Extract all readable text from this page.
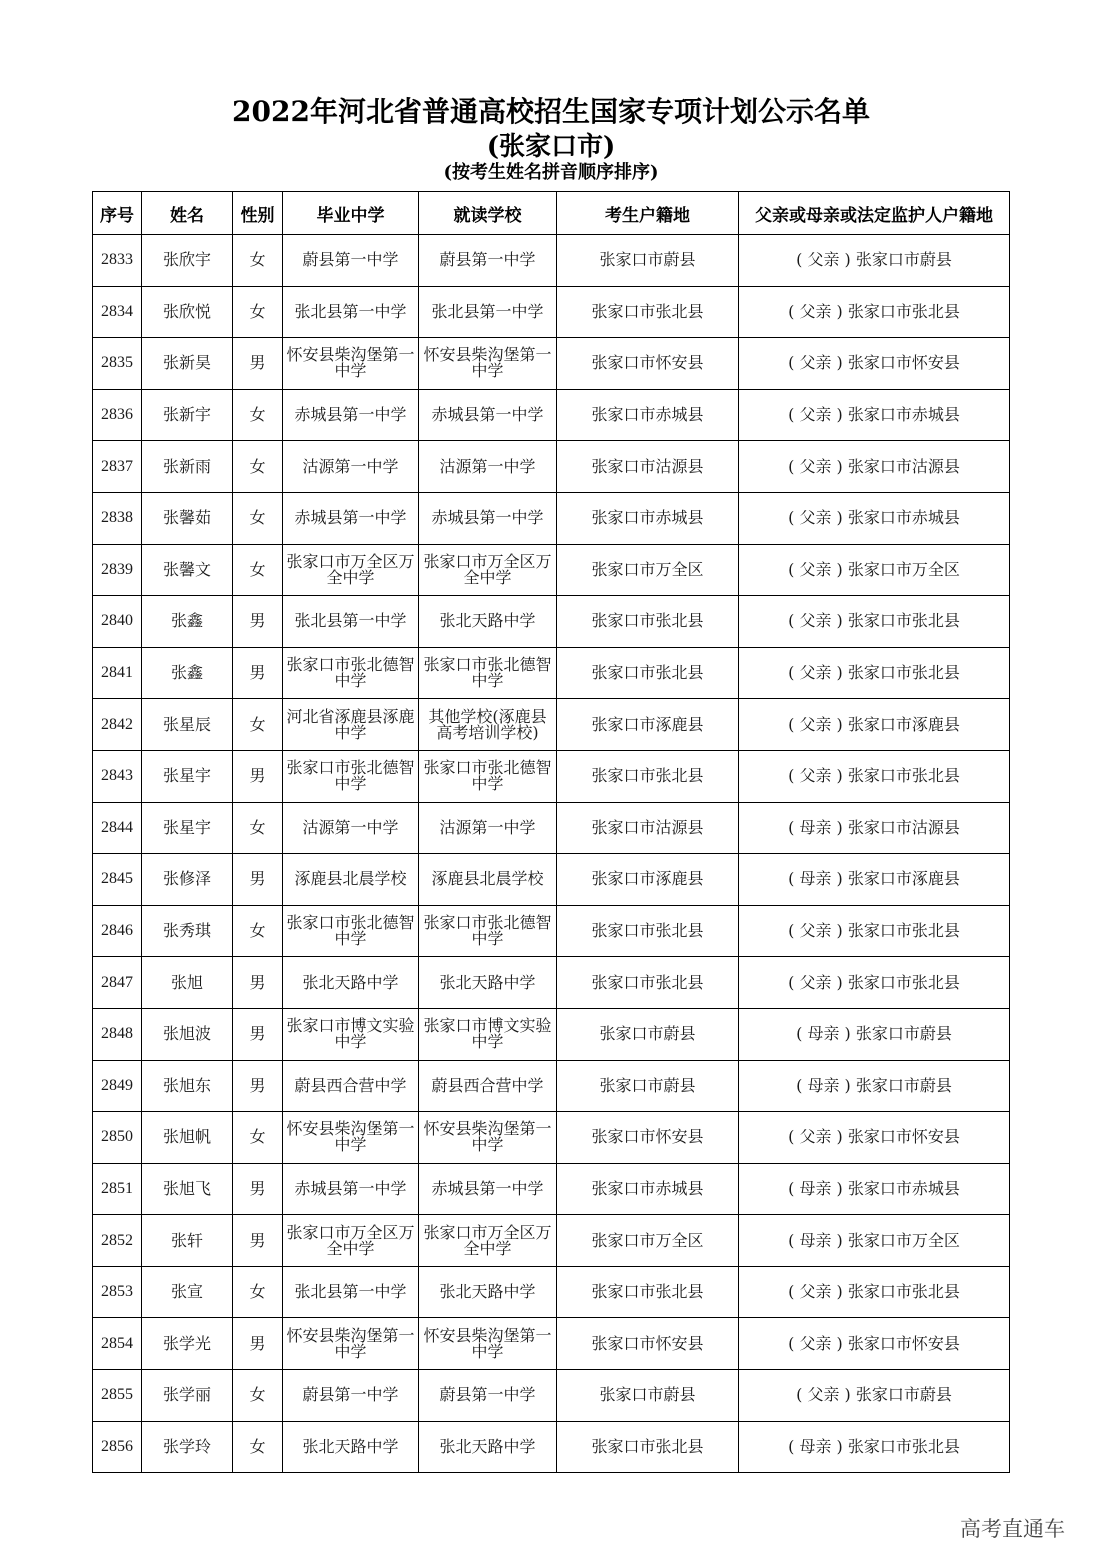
2022年河北省普通高校招生国家专项计划公示名单
(张家口市)
(按考生姓名拼音顺序排序)
序号	姓名	性别	毕业中学	就读学校	考生户籍地	父亲或母亲或法定监护人户籍地
2833	张欣宇	女	蔚县第一中学	蔚县第一中学	张家口市蔚县	( 父亲 ) 张家口市蔚县
2834	张欣悦	女	张北县第一中学	张北县第一中学	张家口市张北县	( 父亲 ) 张家口市张北县
2835	张新昊	男	怀安县柴沟堡第一中学	怀安县柴沟堡第一中学	张家口市怀安县	( 父亲 ) 张家口市怀安县
2836	张新宇	女	赤城县第一中学	赤城县第一中学	张家口市赤城县	( 父亲 ) 张家口市赤城县
2837	张新雨	女	沽源第一中学	沽源第一中学	张家口市沽源县	( 父亲 ) 张家口市沽源县
2838	张馨茹	女	赤城县第一中学	赤城县第一中学	张家口市赤城县	( 父亲 ) 张家口市赤城县
2839	张馨文	女	张家口市万全区万全中学	张家口市万全区万全中学	张家口市万全区	( 父亲 ) 张家口市万全区
2840	张鑫	男	张北县第一中学	张北天路中学	张家口市张北县	( 父亲 ) 张家口市张北县
2841	张鑫	男	张家口市张北德智中学	张家口市张北德智中学	张家口市张北县	( 父亲 ) 张家口市张北县
2842	张星辰	女	河北省涿鹿县涿鹿中学	其他学校(涿鹿县高考培训学校)	张家口市涿鹿县	( 父亲 ) 张家口市涿鹿县
2843	张星宇	男	张家口市张北德智中学	张家口市张北德智中学	张家口市张北县	( 父亲 ) 张家口市张北县
2844	张星宇	女	沽源第一中学	沽源第一中学	张家口市沽源县	( 母亲 ) 张家口市沽源县
2845	张修泽	男	涿鹿县北晨学校	涿鹿县北晨学校	张家口市涿鹿县	( 母亲 ) 张家口市涿鹿县
2846	张秀琪	女	张家口市张北德智中学	张家口市张北德智中学	张家口市张北县	( 父亲 ) 张家口市张北县
2847	张旭	男	张北天路中学	张北天路中学	张家口市张北县	( 父亲 ) 张家口市张北县
2848	张旭波	男	张家口市博文实验中学	张家口市博文实验中学	张家口市蔚县	( 母亲 ) 张家口市蔚县
2849	张旭东	男	蔚县西合营中学	蔚县西合营中学	张家口市蔚县	( 母亲 ) 张家口市蔚县
2850	张旭帆	女	怀安县柴沟堡第一中学	怀安县柴沟堡第一中学	张家口市怀安县	( 父亲 ) 张家口市怀安县
2851	张旭飞	男	赤城县第一中学	赤城县第一中学	张家口市赤城县	( 母亲 ) 张家口市赤城县
2852	张轩	男	张家口市万全区万全中学	张家口市万全区万全中学	张家口市万全区	( 母亲 ) 张家口市万全区
2853	张宣	女	张北县第一中学	张北天路中学	张家口市张北县	( 父亲 ) 张家口市张北县
2854	张学光	男	怀安县柴沟堡第一中学	怀安县柴沟堡第一中学	张家口市怀安县	( 父亲 ) 张家口市怀安县
2855	张学丽	女	蔚县第一中学	蔚县第一中学	张家口市蔚县	( 父亲 ) 张家口市蔚县
2856	张学玲	女	张北天路中学	张北天路中学	张家口市张北县	( 母亲 ) 张家口市张北县
高考直通车
